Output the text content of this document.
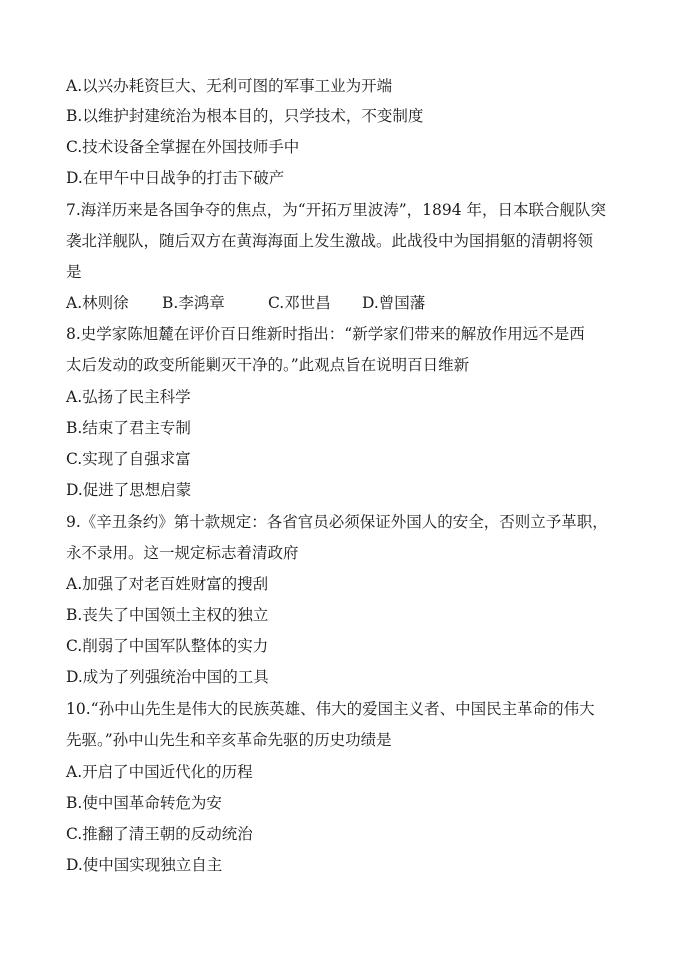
A.以兴办耗资巨大、无利可图的军事工业为开端
B.以维护封建统治为根本目的，只学技术，不变制度
C.技术设备全掌握在外国技师手中
D.在甲午中日战争的打击下破产
7.海洋历来是各国争夺的焦点，为“开拓万里波涛”，1894 年，日本联合舰队突
袭北洋舰队，随后双方在黄海海面上发生激战。此战役中为国捐躯的清朝将领
是
A.林则徐 B.李鸿章	C.邓世昌 D.曾国藩
8.史学家陈旭麓在评价百日维新时指出：“新学家们带来的解放作用远不是西
太后发动的政变所能剿灭干净的。”此观点旨在说明百日维新
A.弘扬了民主科学
B.结束了君主专制
C.实现了自强求富
D.促进了思想启蒙
9.《辛丑条约》第十款规定：各省官员必须保证外国人的安全，否则立予革职，
永不录用。这一规定标志着清政府
A.加强了对老百姓财富的搜刮
B.丧失了中国领土主权的独立
C.削弱了中国军队整体的实力
D.成为了列强统治中国的工具
10.“孙中山先生是伟大的民族英雄、伟大的爱国主义者、中国民主革命的伟大
先驱。”孙中山先生和辛亥革命先驱的历史功绩是
A.开启了中国近代化的历程
B.使中国革命转危为安
C.推翻了清王朝的反动统治
D.使中国实现独立自主
